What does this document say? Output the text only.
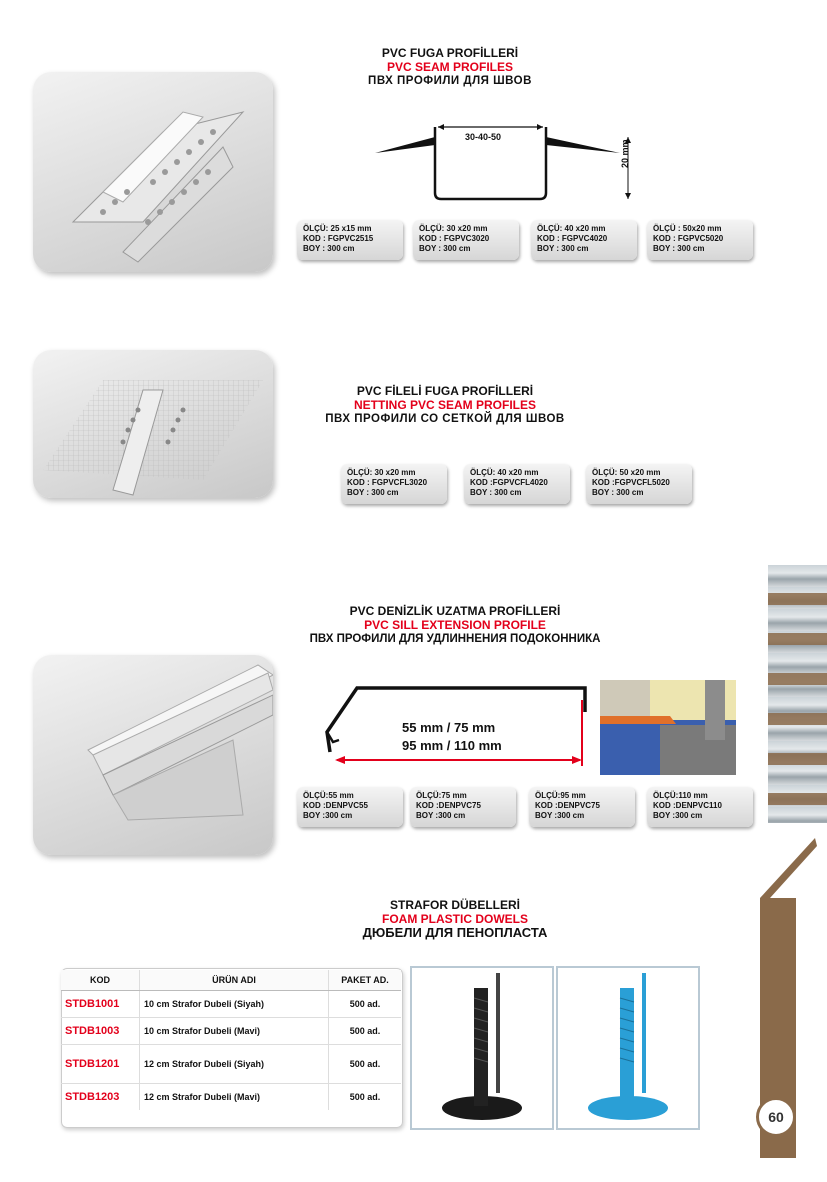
PVC FUGA PROFİLLERİ
PVC SEAM PROFILES
ПВХ ПРОФИЛИ ДЛЯ ШВОВ
30-40-50
20 mm
ÖLÇÜ: 25 x15 mm
KOD : FGPVC2515
BOY : 300 cm
ÖLÇÜ: 30 x20 mm
KOD : FGPVC3020
BOY : 300 cm
ÖLÇÜ: 40 x20 mm
KOD : FGPVC4020
BOY : 300 cm
ÖLÇÜ : 50x20 mm
KOD : FGPVC5020
BOY : 300 cm
PVC FİLELİ FUGA PROFİLLERİ
NETTING PVC SEAM PROFILES
ПВХ ПРОФИЛИ СО СЕТКОЙ ДЛЯ ШВОВ
ÖLÇÜ: 30 x20 mm
KOD : FGPVCFL3020
BOY : 300 cm
ÖLÇÜ: 40 x20 mm
KOD :FGPVCFL4020
BOY : 300 cm
ÖLÇÜ: 50 x20 mm
KOD :FGPVCFL5020
BOY : 300 cm
PVC DENİZLİK UZATMA PROFİLLERİ
PVC SILL EXTENSION PROFILE
ПВХ ПРОФИЛИ ДЛЯ УДЛИННЕНИЯ ПОДОКОННИКА
55 mm / 75 mm
95 mm / 110 mm
ÖLÇÜ:55 mm
KOD :DENPVC55
BOY :300 cm
ÖLÇÜ:75 mm
KOD :DENPVC75
BOY :300 cm
ÖLÇÜ:95 mm
KOD :DENPVC75
BOY :300 cm
ÖLÇÜ:110 mm
KOD :DENPVC110
BOY :300 cm
STRAFOR DÜBELLERİ
FOAM PLASTIC DOWELS
ДЮБЕЛИ ДЛЯ ПЕНОПЛАСТА
KOD	ÜRÜN ADI	PAKET AD.
STDB1001	10 cm Strafor Dubeli (Siyah)	500 ad.
STDB1003	10 cm Strafor Dubeli (Mavi)	500 ad.
STDB1201	12 cm Strafor Dubeli (Siyah)	500 ad.
STDB1203	12 cm Strafor Dubeli (Mavi)	500 ad.
mantolama profilleri
60
